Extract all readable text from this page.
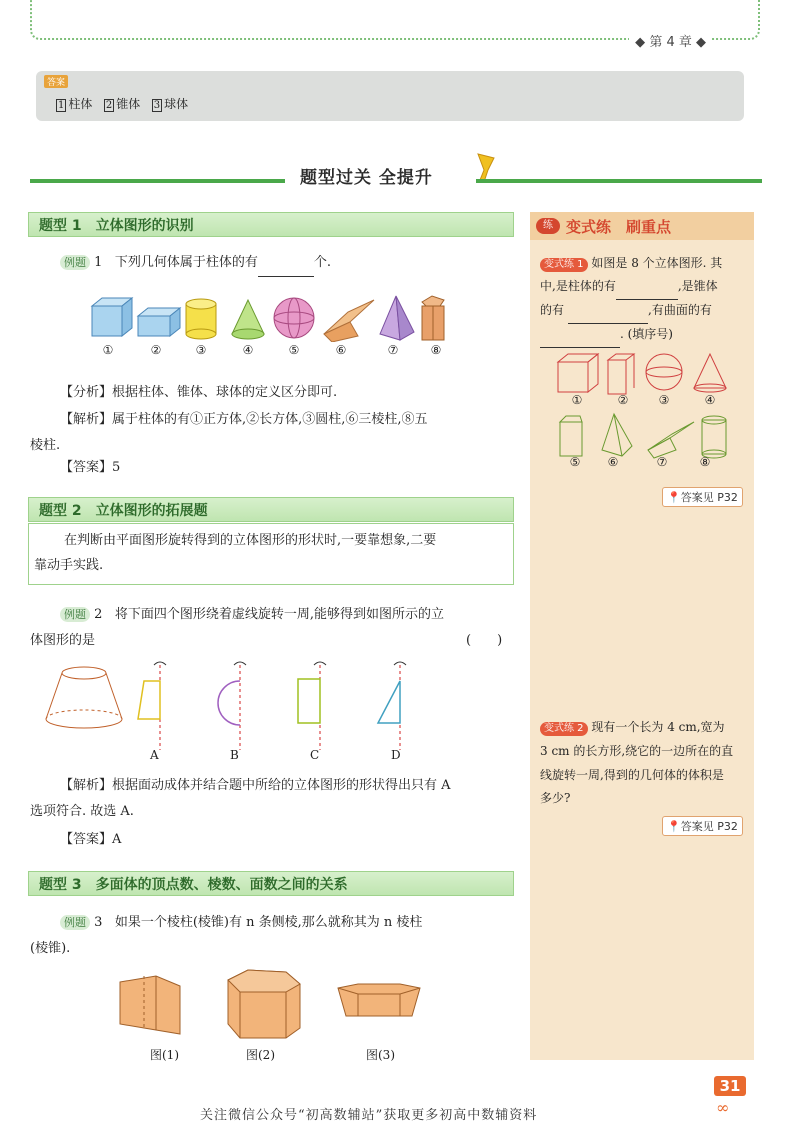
◆ 第 4 章 ◆
答案
1 柱体 2 锥体 3 球体
题型过关 全提升
题型 1　立体图形的识别
例题 1 下列几何体属于柱体的有	个.
①	②	③	④	⑤	⑥	⑦	⑧
【分析】根据柱体、锥体、球体的定义区分即可.
【解析】属于柱体的有①正方体,②长方体,③圆柱,⑥三棱柱,⑧五
棱柱.
【答案】5
题型 2　立体图形的拓展题
在判断由平面图形旋转得到的立体图形的形状时,一要靠想象,二要
靠动手实践.
例题 2 将下面四个图形绕着虚线旋转一周,能够得到如图所示的立
体图形的是	(　　)
A	B	C	D
【解析】根据面动成体并结合题中所给的立体图形的形状得出只有 A
选项符合. 故选 A.
【答案】A
题型 3　多面体的顶点数、棱数、面数之间的关系
例题 3 如果一个棱柱(棱锥)有 n 条侧棱,那么就称其为 n 棱柱
(棱锥).
图(1)	图(2)	图(3)
练 变式练　刷重点
变式练 1 如图是 8 个立体图形. 其
中,是柱体的有	,是锥体
的有	,有曲面的有
. (填序号)
①	②	③	④
⑤	⑥	⑦	⑧
📍答案见 P32
变式练 2 现有一个长为 4 cm,宽为
3 cm 的长方形,绕它的一边所在的直
线旋转一周,得到的几何体的体积是
多少?
📍答案见 P32
31
∞
关注微信公众号“初高数辅站”获取更多初高中数辅资料
